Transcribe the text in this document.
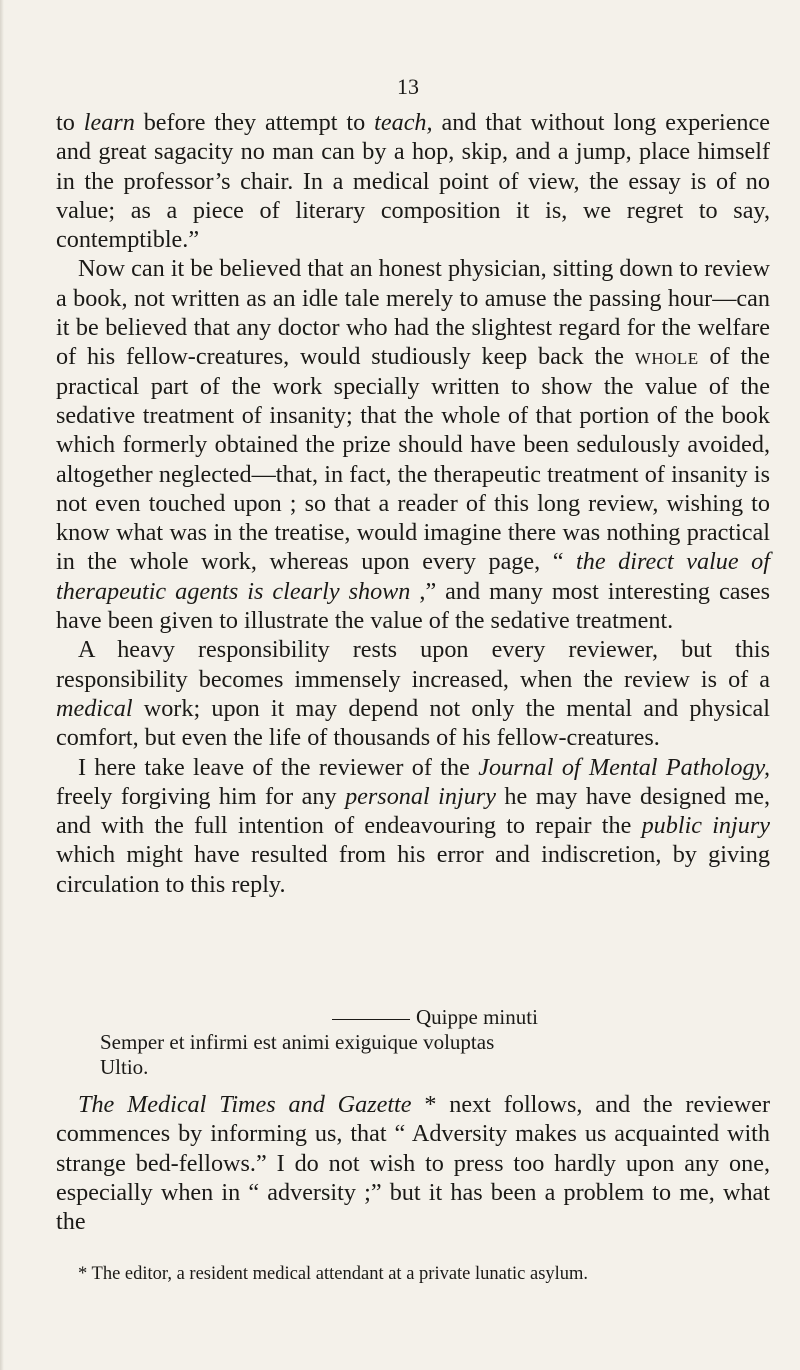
13

to learn before they attempt to teach, and that without long experience and great sagacity no man can by a hop, skip, and a jump, place himself in the professor’s chair. In a medical point of view, the essay is of no value; as a piece of literary composition it is, we regret to say, contemptible.”

Now can it be believed that an honest physician, sitting down to review a book, not written as an idle tale merely to amuse the passing hour—can it be believed that any doctor who had the slightest regard for the welfare of his fellow-creatures, would studiously keep back the whole of the practical part of the work specially written to show the value of the sedative treatment of insanity; that the whole of that portion of the book which formerly obtained the prize should have been sedulously avoided, altogether neglected—that, in fact, the therapeutic treatment of insanity is not even touched upon ; so that a reader of this long review, wishing to know what was in the treatise, would imagine there was nothing practical in the whole work, whereas upon every page, “ the direct value of therapeutic agents is clearly shown ,” and many most interesting cases have been given to illustrate the value of the sedative treatment.

A heavy responsibility rests upon every reviewer, but this responsibility becomes immensely increased, when the review is of a medical work; upon it may depend not only the mental and physical comfort, but even the life of thousands of his fellow-creatures.

I here take leave of the reviewer of the Journal of Mental Pathology, freely forgiving him for any personal injury he may have designed me, and with the full intention of endeavouring to repair the public injury which might have resulted from his error and indiscretion, by giving circulation to this reply.

Quippe minuti
Semper et infirmi est animi exiguique voluptas
Ultio.

The Medical Times and Gazette * next follows, and the reviewer commences by informing us, that “ Adversity makes us acquainted with strange bed-fellows.” I do not wish to press too hardly upon any one, especially when in “ adversity ;” but it has been a problem to me, what the

* The editor, a resident medical attendant at a private lunatic asylum.
